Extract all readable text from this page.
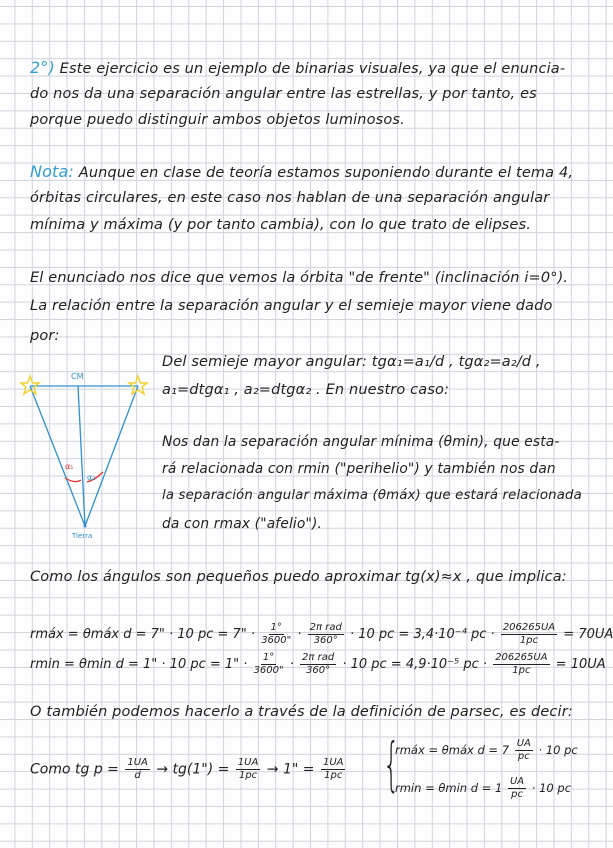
2°) Este ejercicio es un ejemplo de binarias visuales, ya que el enuncia-
do nos da una separación angular entre las estrellas, y por tanto, es
porque puedo distinguir ambos objetos luminosos.
Nota: Aunque en clase de teoría estamos suponiendo durante el tema 4,
órbitas circulares, en este caso nos hablan de una separación angular
mínima y máxima (y por tanto cambia), con lo que trato de elipses.
El enunciado nos dice que vemos la órbita "de frente" (inclinación i=0°).
La relación entre la separación angular y el semieje mayor viene dado
por:
CM
Tierra
α₁
α₂
Del semieje mayor angular: tgα₁=a₁/d , tgα₂=a₂/d ,
a₁=dtgα₁ , a₂=dtgα₂ . En nuestro caso:
Nos dan la separación angular mínima (θmin), que esta-
rá relacionada con rmin ("perihelio") y también nos dan
la separación angular máxima (θmáx) que estará relacionada
da con rmax ("afelio").
Como los ángulos son pequeños puedo aproximar tg(x)≈x , que implica:
rmáx = θmáx d = 7" · 10 pc = 7" · $\frac{1^\circ}{3600"} \cdot \frac{\text{2π rad}}{360^\circ} \cdot 10$ pc = 3,4·10⁻⁴ pc · $\frac{206265UA}{1pc} = 70UA$
rmin = θmin d = 1" · 10 pc = 1" · $\frac{1^\circ}{3600"} \cdot \frac{\text{2π rad}}{360^\circ} \cdot 10$ pc = 4,9·10⁻⁵ pc · $\frac{206265UA}{1pc} = 10UA$
O también podemos hacerlo a través de la definición de parsec, es decir:
Como tg $p = \frac{1UA}{d}$ → tg(1") = $\frac{1UA}{1pc} \to 1$" = $\frac{1UA}{1pc}$ {
rmáx = θmáx $d = 7 \frac{UA}{pc} \cdot 10$ pc
rmin = θmin $d = 1 \frac{UA}{pc} \cdot 10$ pc
